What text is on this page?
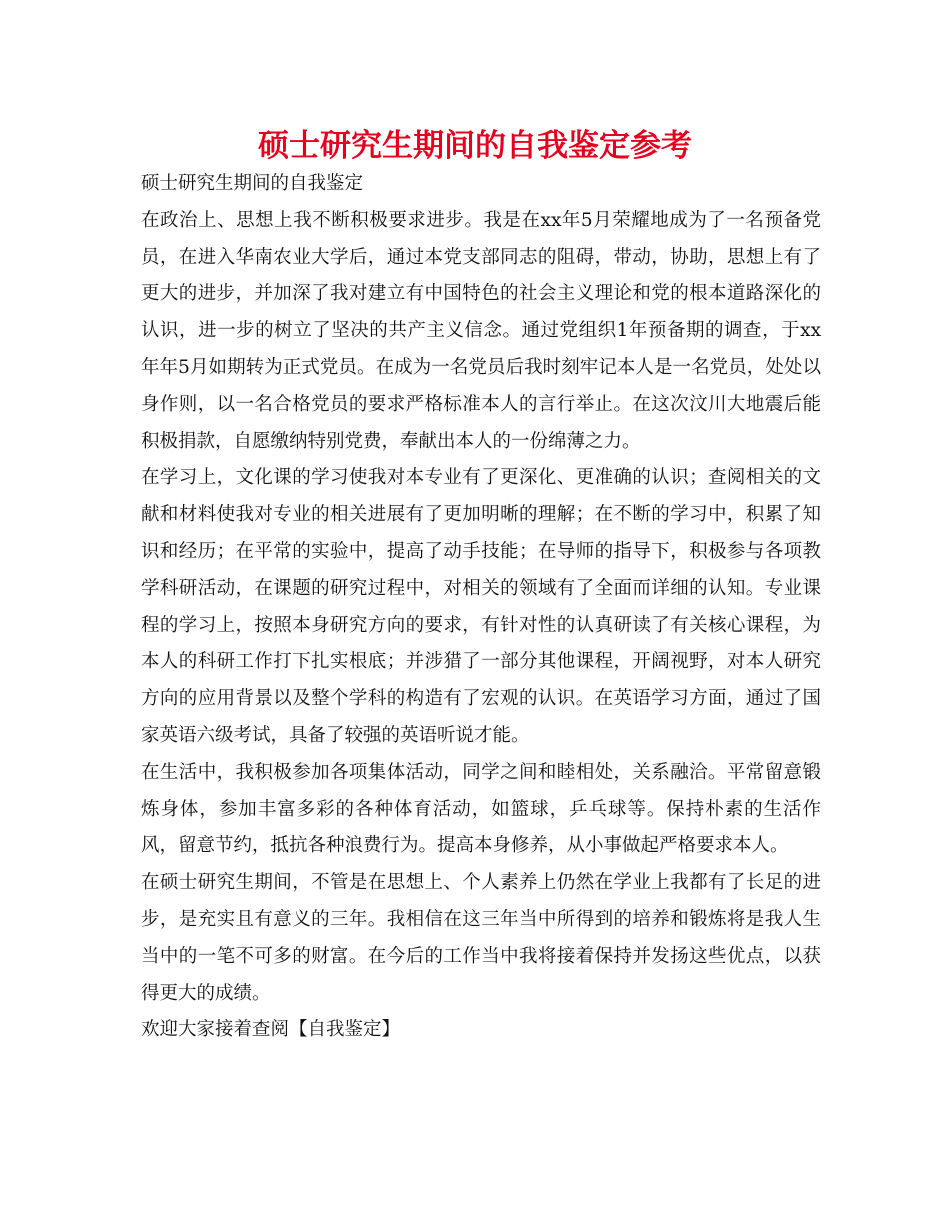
硕士研究生期间的自我鉴定参考

硕士研究生期间的自我鉴定

在政治上、思想上我不断积极要求进步。我是在xx年5月荣耀地成为了一名预备党员，在进入华南农业大学后，通过本党支部同志的阻碍，带动，协助，思想上有了更大的进步，并加深了我对建立有中国特色的社会主义理论和党的根本道路深化的认识，进一步的树立了坚决的共产主义信念。通过党组织1年预备期的调查，于xx年年5月如期转为正式党员。在成为一名党员后我时刻牢记本人是一名党员，处处以身作则，以一名合格党员的要求严格标准本人的言行举止。在这次汶川大地震后能积极捐款，自愿缴纳特别党费，奉献出本人的一份绵薄之力。

在学习上，文化课的学习使我对本专业有了更深化、更准确的认识；查阅相关的文献和材料使我对专业的相关进展有了更加明晰的理解；在不断的学习中，积累了知识和经历；在平常的实验中，提高了动手技能；在导师的指导下，积极参与各项教学科研活动，在课题的研究过程中，对相关的领域有了全面而详细的认知。专业课程的学习上，按照本身研究方向的要求，有针对性的认真研读了有关核心课程，为本人的科研工作打下扎实根底；并涉猎了一部分其他课程，开阔视野，对本人研究方向的应用背景以及整个学科的构造有了宏观的认识。在英语学习方面，通过了国家英语六级考试，具备了较强的英语听说才能。

在生活中，我积极参加各项集体活动，同学之间和睦相处，关系融洽。平常留意锻炼身体，参加丰富多彩的各种体育活动，如篮球，乒乓球等。保持朴素的生活作风，留意节约，抵抗各种浪费行为。提高本身修养，从小事做起严格要求本人。

在硕士研究生期间，不管是在思想上、个人素养上仍然在学业上我都有了长足的进步，是充实且有意义的三年。我相信在这三年当中所得到的培养和锻炼将是我人生当中的一笔不可多的财富。在今后的工作当中我将接着保持并发扬这些优点，以获得更大的成绩。

欢迎大家接着查阅【自我鉴定】
